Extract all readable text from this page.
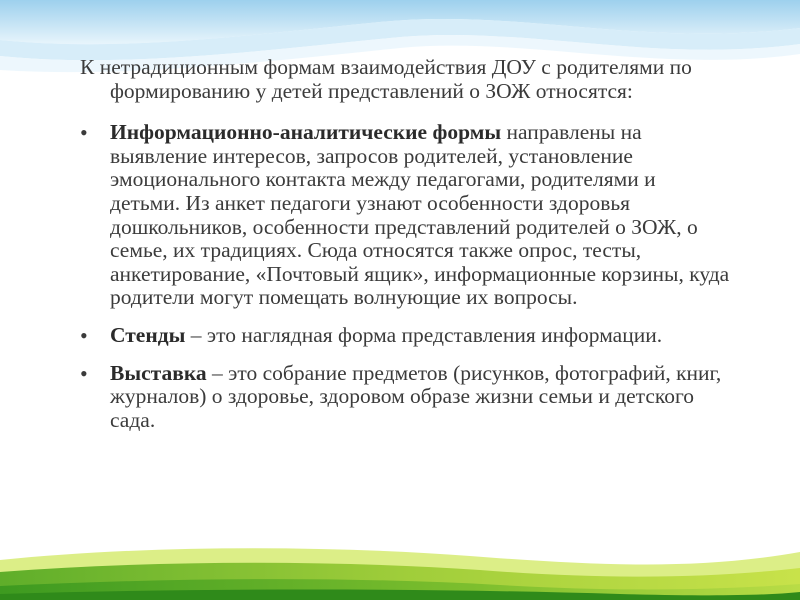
К нетрадиционным формам взаимодействия ДОУ с родителями по формированию у детей представлений о ЗОЖ относятся:

• Информационно-аналитические формы направлены на выявление интересов, запросов родителей, установление эмоционального контакта между педагогами, родителями и детьми. Из анкет педагоги узнают особенности здоровья дошкольников, особенности представлений родителей о ЗОЖ, о семье, их традициях. Сюда относятся также опрос, тесты, анкетирование, «Почтовый ящик», информационные корзины, куда родители могут помещать волнующие их вопросы.
• Стенды – это наглядная форма представления информации.
• Выставка – это собрание предметов (рисунков, фотографий, книг, журналов) о здоровье, здоровом образе жизни семьи и детского сада.
